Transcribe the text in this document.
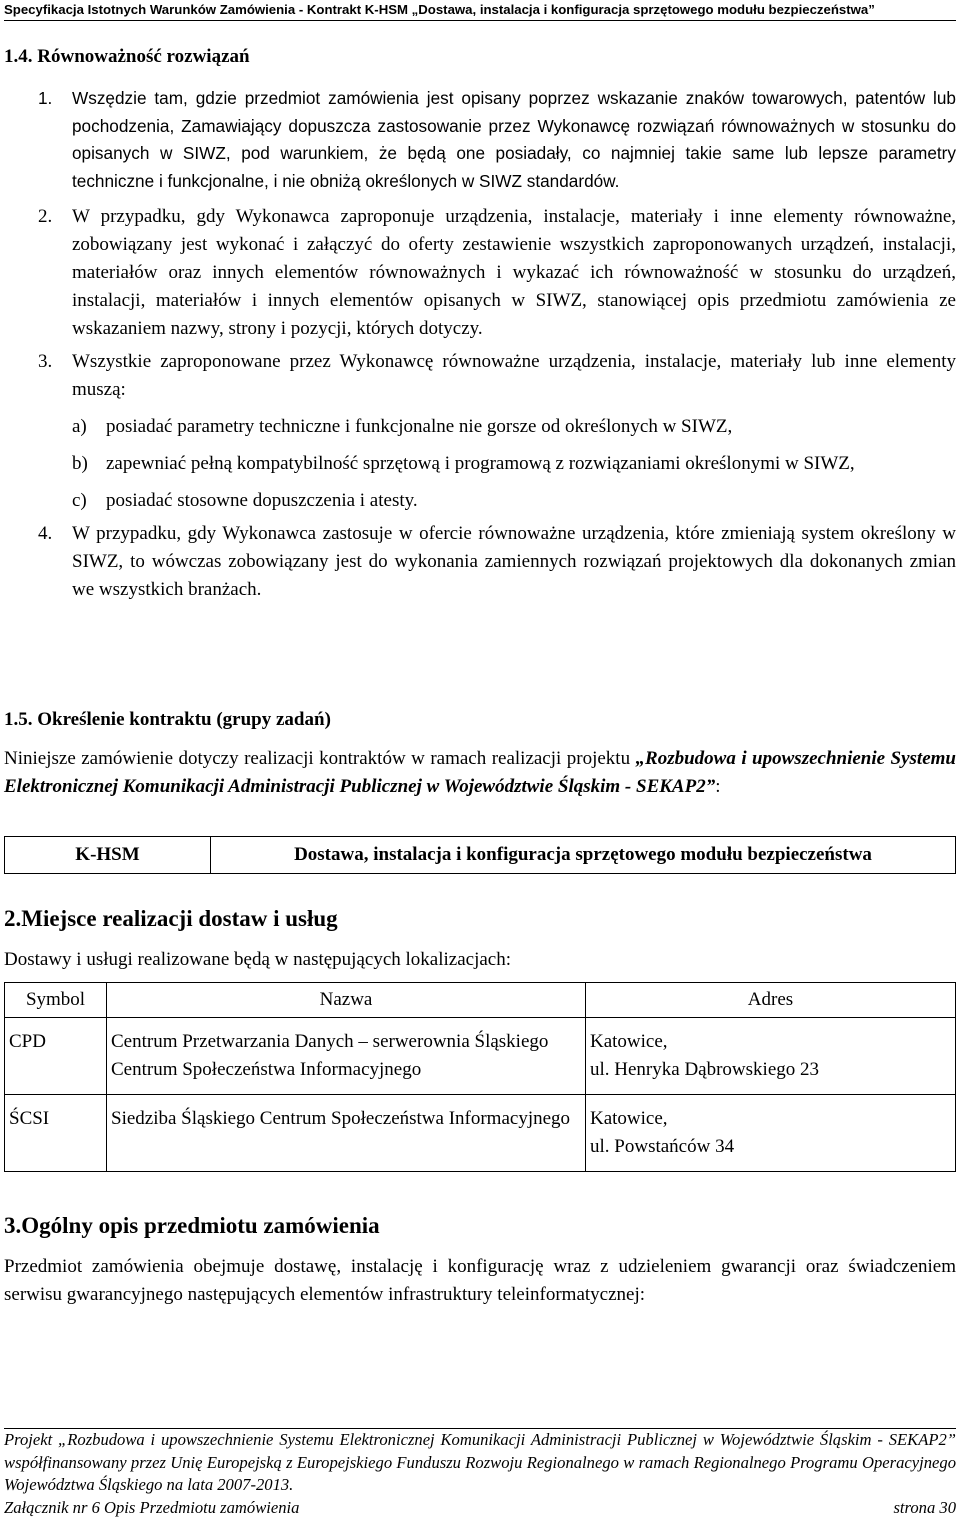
Specyfikacja Istotnych Warunków Zamówienia - Kontrakt K-HSM „Dostawa, instalacja i konfiguracja sprzętowego modułu bezpieczeństwa”
1.4. Równoważność rozwiązań
1. Wszędzie tam, gdzie przedmiot zamówienia jest opisany poprzez wskazanie znaków towarowych, patentów lub pochodzenia, Zamawiający dopuszcza zastosowanie przez Wykonawcę rozwiązań równoważnych w stosunku do opisanych w SIWZ, pod warunkiem, że będą one posiadały, co najmniej takie same lub lepsze parametry techniczne i funkcjonalne, i nie obniżą określonych w SIWZ standardów.
2. W przypadku, gdy Wykonawca zaproponuje urządzenia, instalacje, materiały i inne elementy równoważne, zobowiązany jest wykonać i załączyć do oferty zestawienie wszystkich zaproponowanych urządzeń, instalacji, materiałów oraz innych elementów równoważnych i wykazać ich równoważność w stosunku do urządzeń, instalacji, materiałów i innych elementów opisanych w SIWZ, stanowiącej opis przedmiotu zamówienia ze wskazaniem nazwy, strony i pozycji, których dotyczy.
3. Wszystkie zaproponowane przez Wykonawcę równoważne urządzenia, instalacje, materiały lub inne elementy muszą:
a) posiadać parametry techniczne i funkcjonalne nie gorsze od określonych w SIWZ,
b) zapewniać pełną kompatybilność sprzętową i programową z rozwiązaniami określonymi w SIWZ,
c) posiadać stosowne dopuszczenia i atesty.
4. W przypadku, gdy Wykonawca zastosuje w ofercie równoważne urządzenia, które zmieniają system określony w SIWZ, to wówczas zobowiązany jest do wykonania zamiennych rozwiązań projektowych dla dokonanych zmian we wszystkich branżach.
1.5. Określenie kontraktu (grupy zadań)
Niniejsze zamówienie dotyczy realizacji kontraktów w ramach realizacji projektu „Rozbudowa i upowszechnienie Systemu Elektronicznej Komunikacji Administracji Publicznej w Województwie Śląskim - SEKAP2”:
K-HSM	Dostawa, instalacja i konfiguracja sprzętowego modułu bezpieczeństwa
2.Miejsce realizacji dostaw i usług
Dostawy i usługi realizowane będą w następujących lokalizacjach:
Symbol	Nazwa	Adres
CPD	Centrum Przetwarzania Danych – serwerownia Śląskiego Centrum Społeczeństwa Informacyjnego	Katowice,
ul. Henryka Dąbrowskiego 23

ŚCSI	Siedziba Śląskiego Centrum Społeczeństwa Informacyjnego	Katowice,
ul. Powstańców 34
3.Ogólny opis przedmiotu zamówienia
Przedmiot zamówienia obejmuje dostawę, instalację i konfigurację wraz z udzieleniem gwarancji oraz świadczeniem serwisu gwarancyjnego następujących elementów infrastruktury teleinformatycznej:
Projekt „Rozbudowa i upowszechnienie Systemu Elektronicznej Komunikacji Administracji Publicznej w Województwie Śląskim - SEKAP2” współfinansowany przez Unię Europejską z Europejskiego Funduszu Rozwoju Regionalnego w ramach Regionalnego Programu Operacyjnego Województwa Śląskiego na lata 2007-2013.
Załącznik nr 6 Opis Przedmiotu zamówienia	strona 30
